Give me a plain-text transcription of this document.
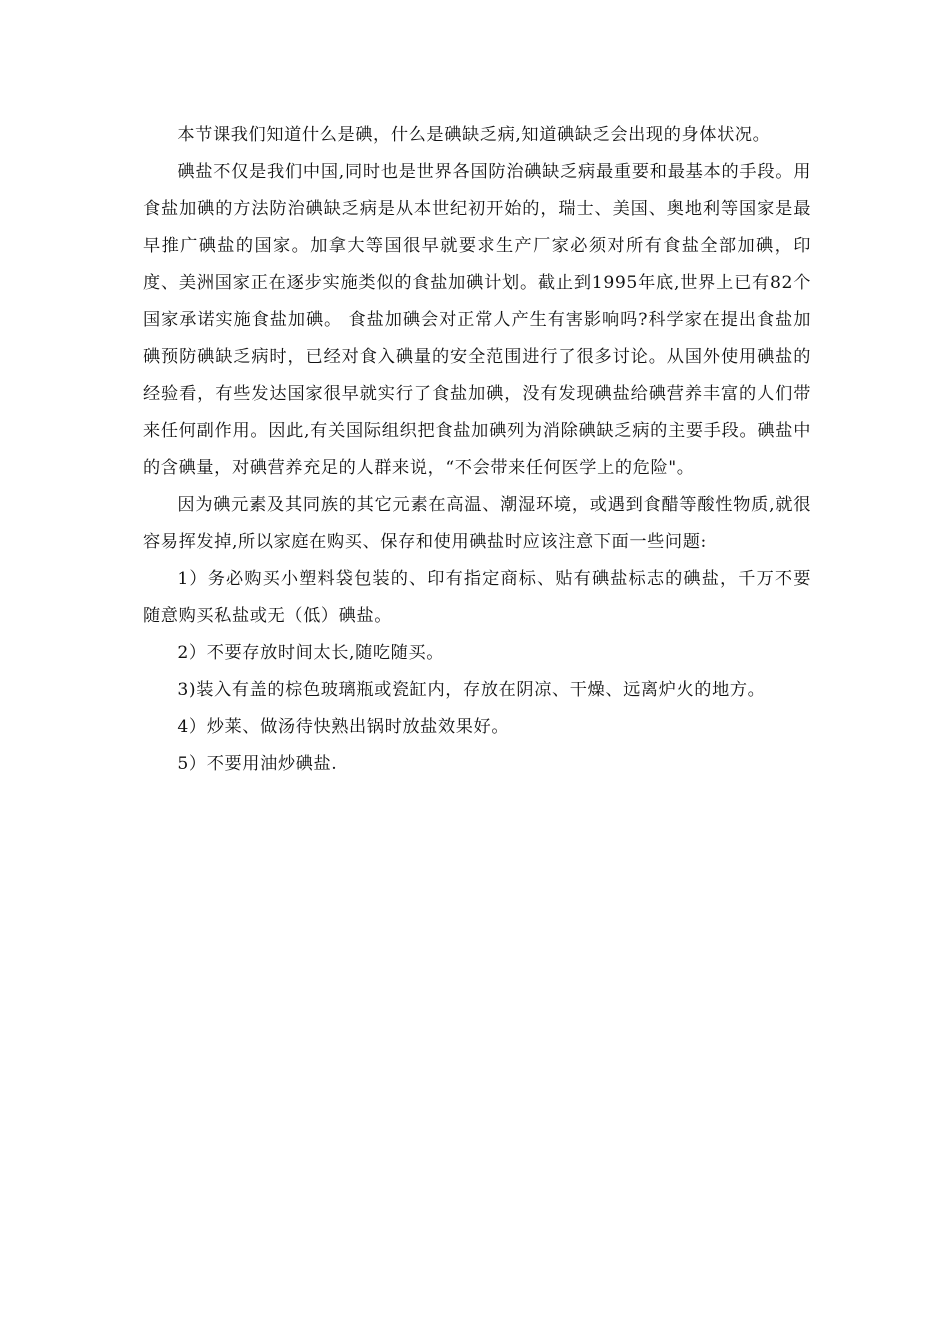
本节课我们知道什么是碘，什么是碘缺乏病,知道碘缺乏会出现的身体状况。

碘盐不仅是我们中国,同时也是世界各国防治碘缺乏病最重要和最基本的手段。用食盐加碘的方法防治碘缺乏病是从本世纪初开始的，瑞士、美国、奥地利等国家是最早推广碘盐的国家。加拿大等国很早就要求生产厂家必须对所有食盐全部加碘，印度、美洲国家正在逐步实施类似的食盐加碘计划。截止到1995年底,世界上已有82个国家承诺实施食盐加碘。 食盐加碘会对正常人产生有害影响吗?科学家在提出食盐加碘预防碘缺乏病时，已经对食入碘量的安全范围进行了很多讨论。从国外使用碘盐的经验看，有些发达国家很早就实行了食盐加碘，没有发现碘盐给碘营养丰富的人们带来任何副作用。因此,有关国际组织把食盐加碘列为消除碘缺乏病的主要手段。碘盐中的含碘量，对碘营养充足的人群来说，“不会带来任何医学上的危险"。

因为碘元素及其同族的其它元素在高温、潮湿环境，或遇到食醋等酸性物质,就很容易挥发掉,所以家庭在购买、保存和使用碘盐时应该注意下面一些问题:

1）务必购买小塑料袋包装的、印有指定商标、贴有碘盐标志的碘盐，千万不要随意购买私盐或无（低）碘盐。

2）不要存放时间太长,随吃随买。

3)装入有盖的棕色玻璃瓶或瓷缸内，存放在阴凉、干燥、远离炉火的地方。

4）炒莱、做汤待快熟出锅时放盐效果好。

5）不要用油炒碘盐.
